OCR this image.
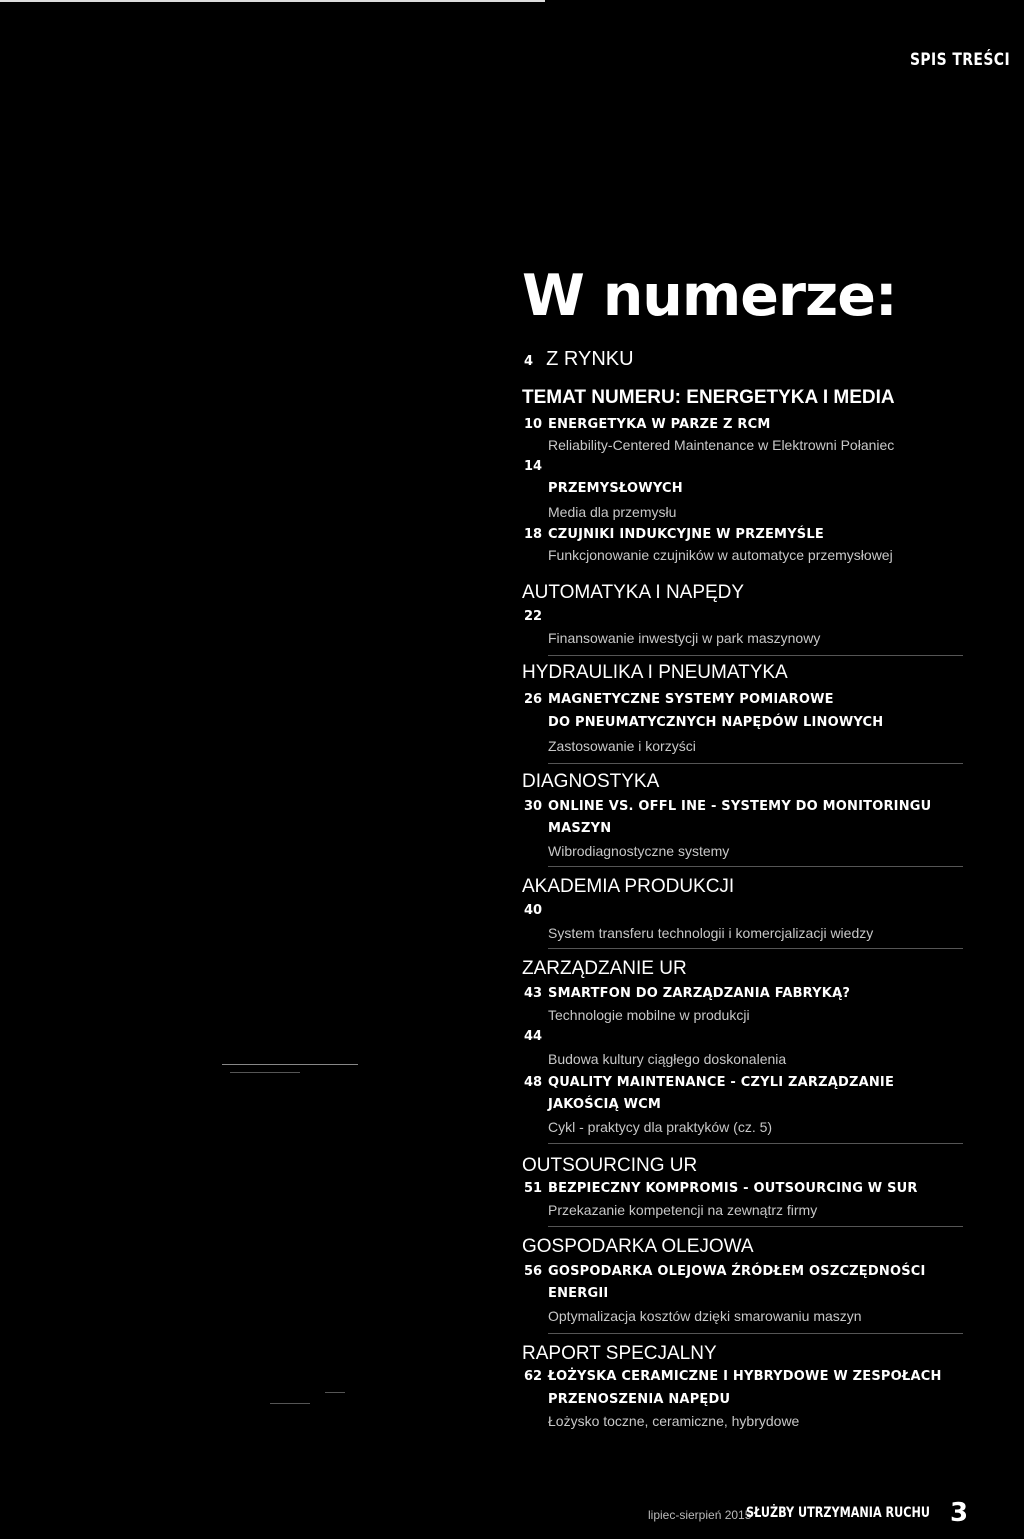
SPIS TREŚCI
W numerze:
4 Z RYNKU
TEMAT NUMERU: ENERGETYKA I MEDIA
AUTOMATYKA I NAPĘDY
HYDRAULIKA I PNEUMATYKA
DIAGNOSTYKA
AKADEMIA PRODUKCJI
ZARZĄDZANIE UR
OUTSOURCING UR
GOSPODARKA OLEJOWA
RAPORT SPECJALNY
10 ENERGETYKA W PARZE Z RCM
Reliability-Centered Maintenance w Elektrowni Połaniec
14
PRZEMYSŁOWYCH
Media dla przemysłu
18 CZUJNIKI INDUKCYJNE W PRZEMYŚLE
Funkcjonowanie czujników w automatyce przemysłowej
22
Finansowanie inwestycji w park maszynowy
26 MAGNETYCZNE SYSTEMY POMIAROWE
DO PNEUMATYCZNYCH NAPĘDÓW LINOWYCH
Zastosowanie i korzyści
30 ONLINE VS. OFFL INE - SYSTEMY DO MONITORINGU
MASZYN
Wibrodiagnostyczne systemy
40
System transferu technologii i komercjalizacji wiedzy
43 SMARTFON DO ZARZĄDZANIA FABRYKĄ?
Technologie mobilne w produkcji
44
Budowa kultury ciągłego doskonalenia
48 QUALITY MAINTENANCE - CZYLI ZARZĄDZANIE
JAKOŚCIĄ WCM
Cykl - praktycy dla praktyków (cz. 5)
51 BEZPIECZNY KOMPROMIS - OUTSOURCING W SUR
Przekazanie kompetencji na zewnątrz firmy
56 GOSPODARKA OLEJOWA ŹRÓDŁEM OSZCZĘDNOŚCI
ENERGII
Optymalizacja kosztów dzięki smarowaniu maszyn
62 ŁOŻYSKA CERAMICZNE I HYBRYDOWE W ZESPOŁACH
PRZENOSZENIA NAPĘDU
Łożysko toczne, ceramiczne, hybrydowe
lipiec-sierpień 2015
SŁUŻBY UTRZYMANIA RUCHU 3
